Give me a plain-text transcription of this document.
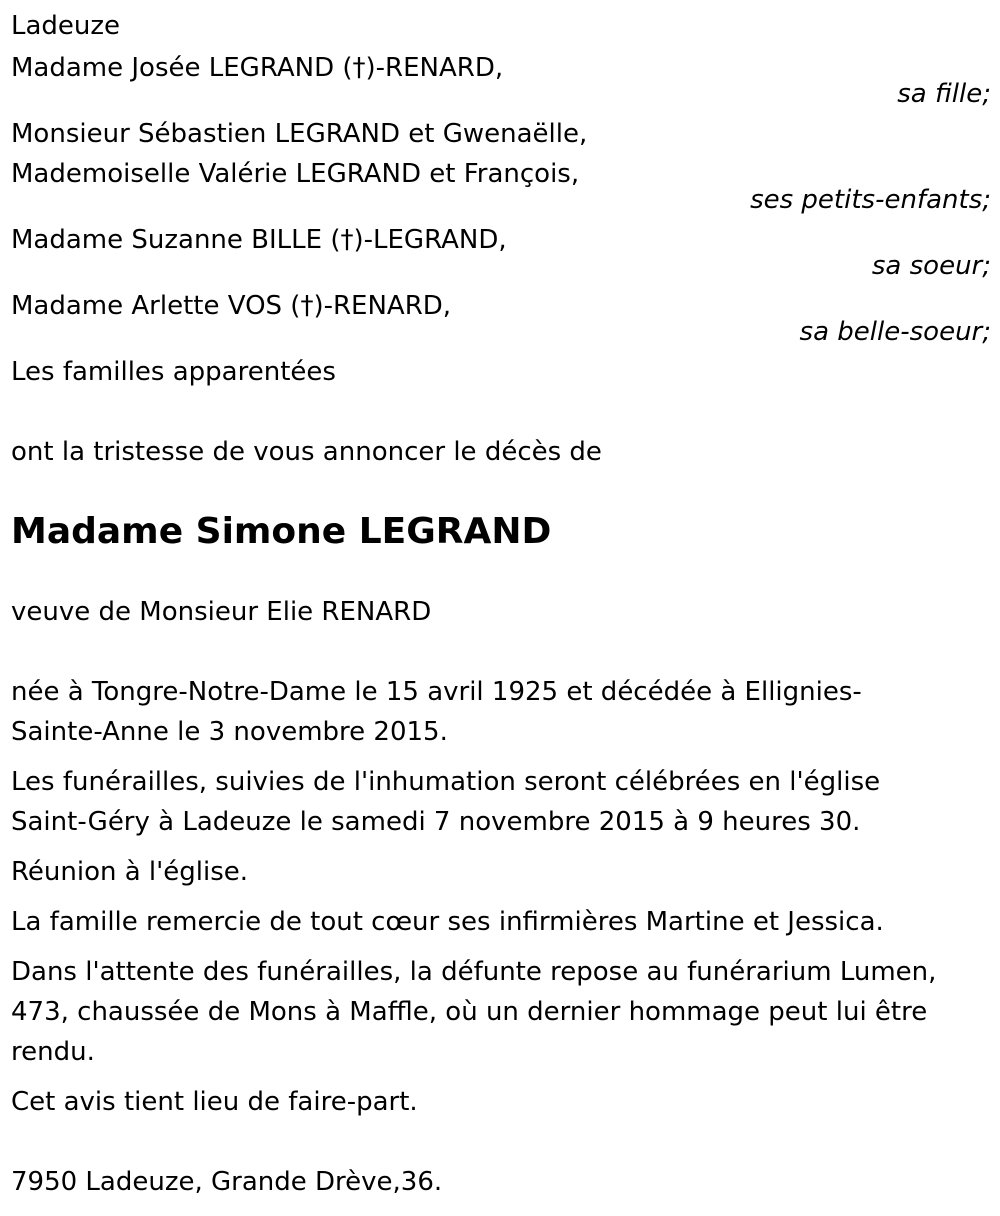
Ladeuze
Madame Josée LEGRAND (†)-RENARD,
sa fille;
Monsieur Sébastien LEGRAND et Gwenaëlle,
Mademoiselle Valérie LEGRAND et François,
ses petits-enfants;
Madame Suzanne BILLE (†)-LEGRAND,
sa soeur;
Madame Arlette VOS (†)-RENARD,
sa belle-soeur;
Les familles apparentées
ont la tristesse de vous annoncer le décès de
Madame Simone LEGRAND
veuve de Monsieur Elie RENARD

née à Tongre-Notre-Dame le 15 avril 1925 et décédée à Ellignies-Sainte-Anne le 3 novembre 2015.

Les funérailles, suivies de l'inhumation seront célébrées en l'église Saint-Géry à Ladeuze le samedi 7 novembre 2015 à 9 heures 30.

Réunion à l'église.

La famille remercie de tout cœur ses infirmières Martine et Jessica.

Dans l'attente des funérailles, la défunte repose au funérarium Lumen, 473, chaussée de Mons à Maffle, où un dernier hommage peut lui être rendu.

Cet avis tient lieu de faire-part.

7950 Ladeuze, Grande Drève,36.
